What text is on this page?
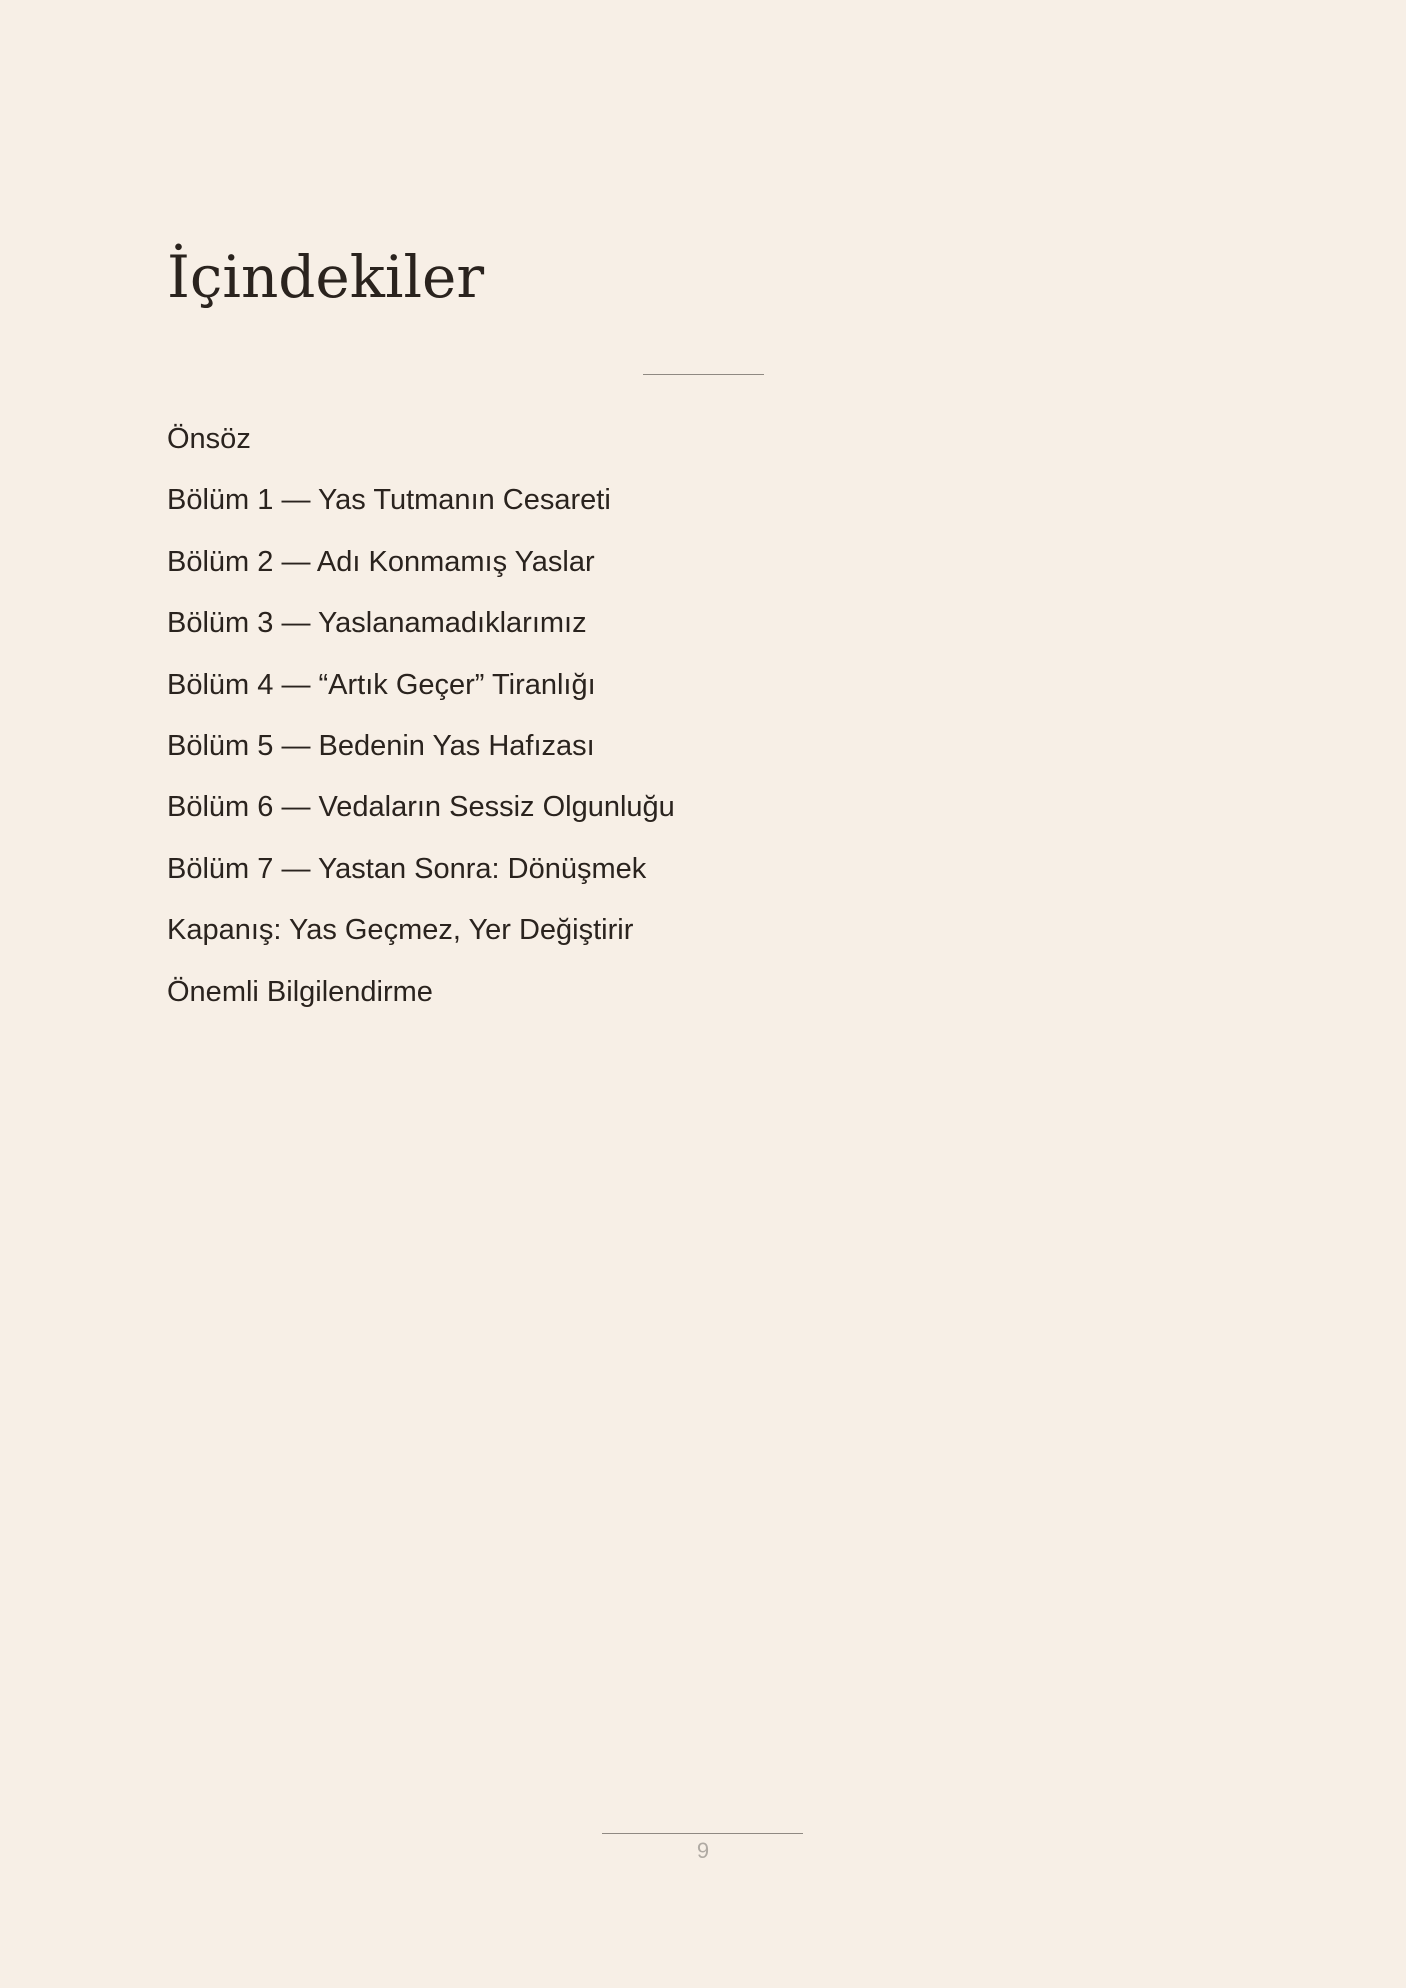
İçindekiler
Önsöz
Bölüm 1 — Yas Tutmanın Cesareti
Bölüm 2 — Adı Konmamış Yaslar
Bölüm 3 — Yaslanamadıklarımız
Bölüm 4 — “Artık Geçer” Tiranlığı
Bölüm 5 — Bedenin Yas Hafızası
Bölüm 6 — Vedaların Sessiz Olgunluğu
Bölüm 7 — Yastan Sonra: Dönüşmek
Kapanış: Yas Geçmez, Yer Değiştirir
Önemli Bilgilendirme
9
